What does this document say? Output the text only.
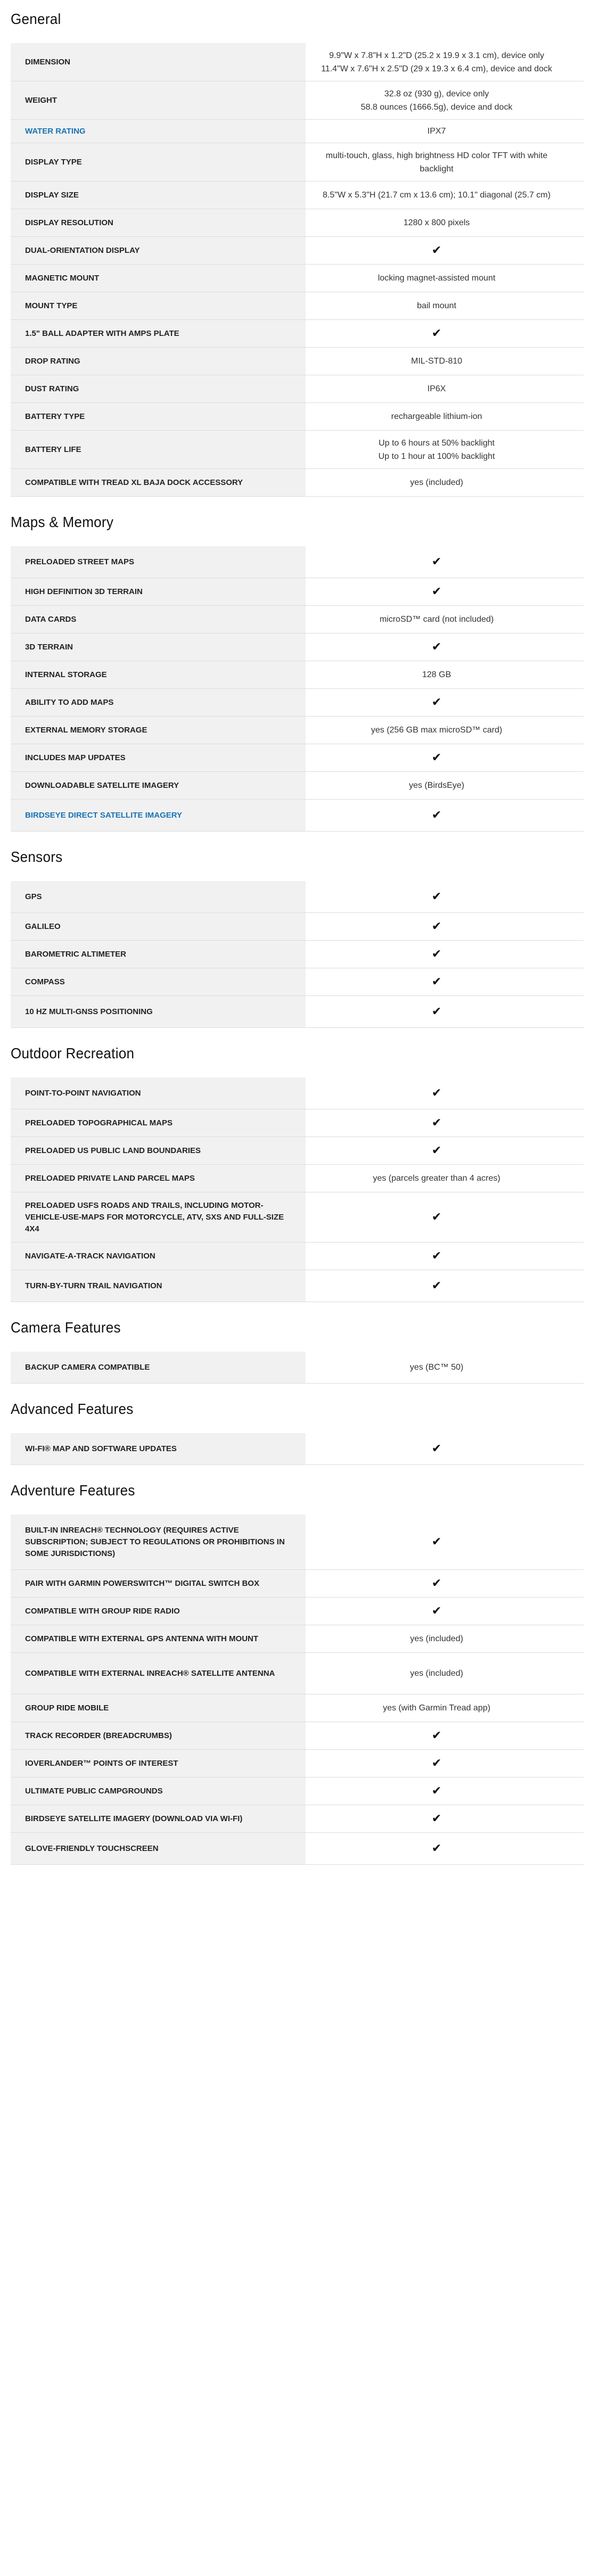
General
DIMENSION	9.9"W x 7.8"H x 1.2"D (25.2 x 19.9 x 3.1 cm), device only
11.4"W x 7.6"H x 2.5"D (29 x 19.3 x 6.4 cm), device and dock

WEIGHT	32.8 oz (930 g), device only
58.8 ounces (1666.5g), device and dock

WATER RATING	IPX7

DISPLAY TYPE	multi-touch, glass, high brightness HD color TFT with white
backlight

DISPLAY SIZE	8.5"W x 5.3"H (21.7 cm x 13.6 cm); 10.1" diagonal (25.7 cm)

DISPLAY RESOLUTION	1280 x 800 pixels

DUAL-ORIENTATION DISPLAY	✔
MAGNETIC MOUNT	locking magnet-assisted mount

MOUNT TYPE	bail mount

1.5" BALL ADAPTER WITH AMPS PLATE	✔
DROP RATING	MIL-STD-810

DUST RATING	IP6X

BATTERY TYPE	rechargeable lithium-ion

BATTERY LIFE	Up to 6 hours at 50% backlight
Up to 1 hour at 100% backlight

COMPATIBLE WITH TREAD XL BAJA DOCK ACCESSORY	yes (included)
Maps & Memory
PRELOADED STREET MAPS	✔
HIGH DEFINITION 3D TERRAIN	✔
DATA CARDS	microSD™ card (not included)

3D TERRAIN	✔
INTERNAL STORAGE	128 GB

ABILITY TO ADD MAPS	✔
EXTERNAL MEMORY STORAGE	yes (256 GB max microSD™ card)

INCLUDES MAP UPDATES	✔
DOWNLOADABLE SATELLITE IMAGERY	yes (BirdsEye)

BIRDSEYE DIRECT SATELLITE IMAGERY	✔
Sensors
GPS	✔
GALILEO	✔
BAROMETRIC ALTIMETER	✔
COMPASS	✔
10 HZ MULTI-GNSS POSITIONING	✔
Outdoor Recreation
POINT-TO-POINT NAVIGATION	✔
PRELOADED TOPOGRAPHICAL MAPS	✔
PRELOADED US PUBLIC LAND BOUNDARIES	✔
PRELOADED PRIVATE LAND PARCEL MAPS	yes (parcels greater than 4 acres)

PRELOADED USFS ROADS AND TRAILS, INCLUDING MOTOR-VEHICLE-USE-MAPS FOR MOTORCYCLE, ATV, SXS AND FULL-SIZE 4X4	✔
NAVIGATE-A-TRACK NAVIGATION	✔
TURN-BY-TURN TRAIL NAVIGATION	✔
Camera Features
BACKUP CAMERA COMPATIBLE	yes (BC™ 50)
Advanced Features
WI-FI® MAP AND SOFTWARE UPDATES	✔
Adventure Features
BUILT-IN INREACH® TECHNOLOGY (REQUIRES ACTIVE SUBSCRIPTION; SUBJECT TO REGULATIONS OR PROHIBITIONS IN SOME JURISDICTIONS)	✔
PAIR WITH GARMIN POWERSWITCH™ DIGITAL SWITCH BOX	✔
COMPATIBLE WITH GROUP RIDE RADIO	✔
COMPATIBLE WITH EXTERNAL GPS ANTENNA WITH MOUNT	yes (included)

COMPATIBLE WITH EXTERNAL INREACH® SATELLITE ANTENNA	yes (included)

GROUP RIDE MOBILE	yes (with Garmin Tread app)

TRACK RECORDER (BREADCRUMBS)	✔
IOVERLANDER™ POINTS OF INTEREST	✔
ULTIMATE PUBLIC CAMPGROUNDS	✔
BIRDSEYE SATELLITE IMAGERY (DOWNLOAD VIA WI-FI)	✔
GLOVE-FRIENDLY TOUCHSCREEN	✔
